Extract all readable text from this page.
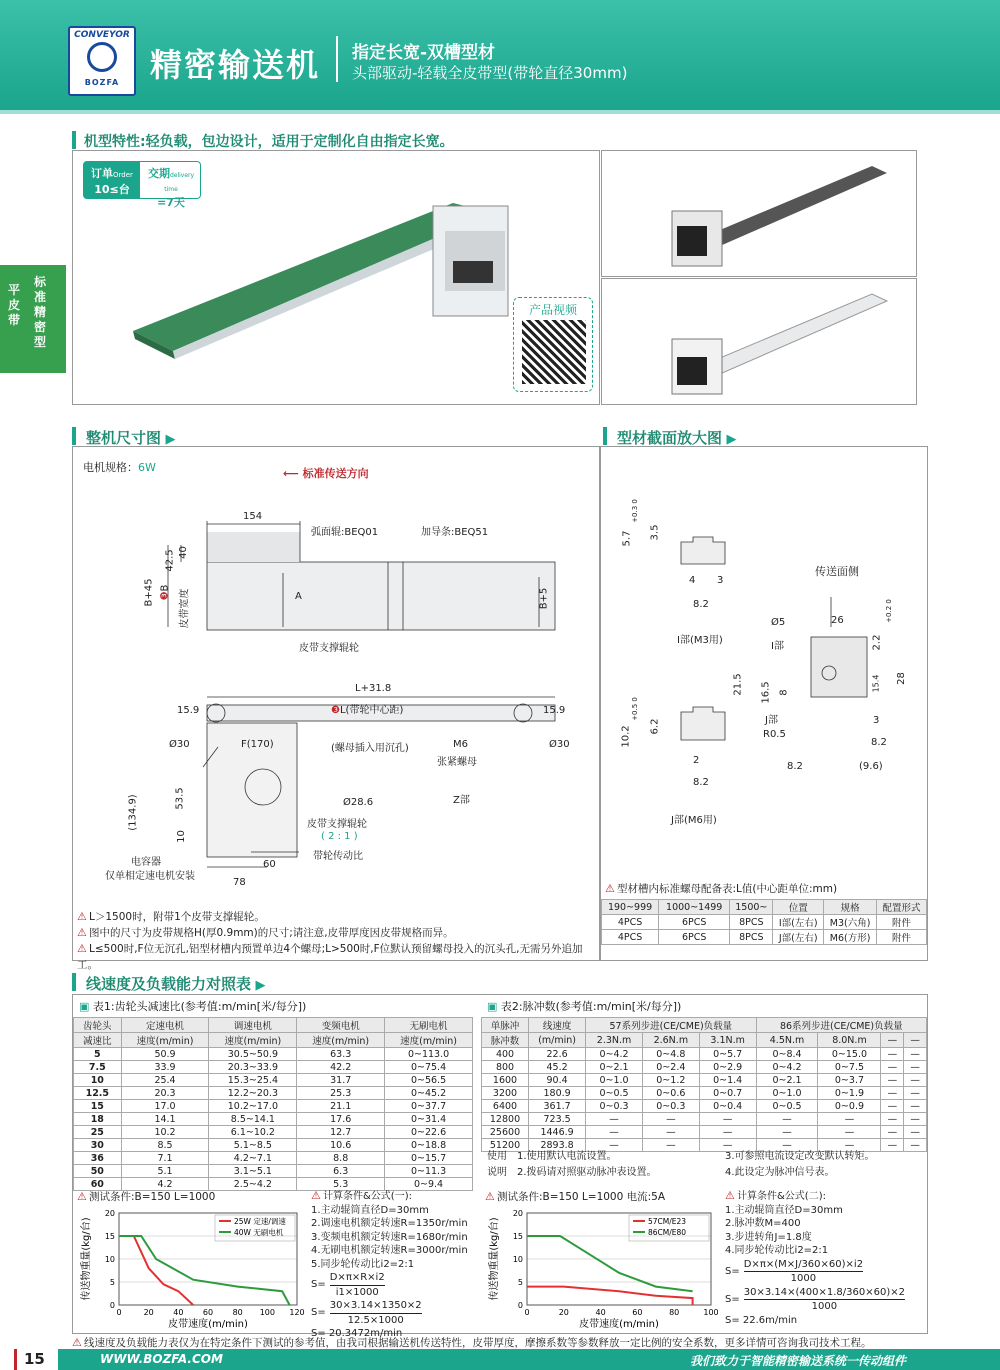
CONVEYOR
BOZFA 精密输送机 指定长宽-双槽型材
头部驱动-轻载全皮带型(带轮直径30mm)
平皮带
标准精密型
机型特性:轻负载，包边设计，适用于定制化自由指定长宽。
订单Order
10≤台
交期delivery time
=7天
产品视频
整机尺寸图 ▶
电机规格：6W	⟵ 标准传送方向
154
弧面辊:BEQ01	加导条:BEQ51
B+45
42.5 40
❸B
皮带宽度	A	B+5
皮带支撑辊轮
L+31.8
❸L(带轮中心距)
15.9	15.9
Ø30	F(170)	(螺母插入用沉孔)	M6
张紧螺母
Ø30
(134.9)	53.5
10
Ø28.6	Z部
皮带支撑辊轮
( 2 : 1 )
带轮传动比
电容器
仅单相定速电机安装
60
78
⚠ L＞1500时，附带1个皮带支撑辊轮。
⚠ 图中的尺寸为皮带规格H(厚0.9mm)的尺寸;请注意,皮带厚度因皮带规格而异。
⚠ L≤500时,F位无沉孔,铝型材槽内预置单边4个螺母;L>500时,F位默认预留螺母投入的沉头孔,无需另外追加工。
型材截面放大图 ▶
5.7
+0.3 0
3.5
4 3
8.2
I部(M3用)
传送面侧
Ø5	26
2.2
+0.2 0
I部
21.5 16.5 8
15.4 28
J部
R0.5
3
8.2
8.2	(9.6)
10.2
+0.5 0
6.2
2
8.2
J部(M6用)
⚠ 型材槽内标准螺母配备表:L值(中心距单位:mm)
190~999	1000~1499	1500~	位置	规格	配置形式
4PCS	6PCS	8PCS	I部(左右)	M3(六角)	附件
4PCS	6PCS	8PCS	J部(左右)	M6(方形)	附件
线速度及负载能力对照表 ▶
▣ 表1:齿轮头减速比(参考值:m/min[米/每分])
齿轮头	定速电机	调速电机	变频电机	无刷电机
减速比	速度(m/min)	速度(m/min)	速度(m/min)	速度(m/min)
5	50.9	30.5~50.9	63.3	0~113.0
7.5	33.9	20.3~33.9	42.2	0~75.4
10	25.4	15.3~25.4	31.7	0~56.5
12.5	20.3	12.2~20.3	25.3	0~45.2
15	17.0	10.2~17.0	21.1	0~37.7
18	14.1	8.5~14.1	17.6	0~31.4
25	10.2	6.1~10.2	12.7	0~22.6
30	8.5	5.1~8.5	10.6	0~18.8
36	7.1	4.2~7.1	8.8	0~15.7
50	5.1	3.1~5.1	6.3	0~11.3
60	4.2	2.5~4.2	5.3	0~9.4
▣ 表2:脉冲数(参考值:m/min[米/每分])
单脉冲	线速度	57系列步进(CE/CME)负载量			86系列步进(CE/CME)负载量			
脉冲数	(m/min)	2.3N.m	2.6N.m	3.1N.m	4.5N.m	8.0N.m	—	—
400	22.6	0~4.2	0~4.8	0~5.7	0~8.4	0~15.0	—	—
800	45.2	0~2.1	0~2.4	0~2.9	0~4.2	0~7.5	—	—
1600	90.4	0~1.0	0~1.2	0~1.4	0~2.1	0~3.7	—	—
3200	180.9	0~0.5	0~0.6	0~0.7	0~1.0	0~1.9	—	—
6400	361.7	0~0.3	0~0.3	0~0.4	0~0.5	0~0.9	—	—
12800	723.5	—	—	—	—	—	—	—
25600	1446.9	—	—	—	—	—	—	—
51200	2893.8	—	—	—	—	—	—	—
使用	1.使用默认电流设置。	3.可参照电流设定改变默认转矩。
说明	2.拨码请对照驱动脉冲表设置。	4.此设定为脉冲信号表。
⚠ 测试条件:B=150 L=1000
0
5
10
15
20
0	20 40 60 80 100 120
皮带速度(m/min)
传送物重量(kg/台)	25W 定速/调速
40W 无刷电机
⚠ 计算条件&公式(一):
1.主动辊筒直径D=30mm
2.调速电机额定转速R=1350r/min
3.变频电机额定转速R=1680r/min
4.无刷电机额定转速R=3000r/min
5.同步轮传动比i2=2:1
$S= \frac{D\times\pi\times R\times i2}{i1\times 1000}$
$S= \frac{30\times 3.14\times 1350\times 2}{12.5\times 1000}$
S= 20.3472m/min
⚠ 测试条件:B=150 L=1000 电流:5A
0
5
10
15
20
0	20	40	60	80	100
皮带速度(m/min)
传送物重量(kg/台)	57CM/E23
86CM/E80
⚠ 计算条件&公式(二):
1.主动辊筒直径D=30mm
2.脉冲数M=400
3.步进转角J=1.8度
4.同步轮传动比i2=2:1
$S= \frac{D\times\pi\times(M\times J/360\times 60)\times i2}{1000}$
$S= \frac{30\times 3.14\times(400\times 1.8/360\times 60)\times 2}{1000}$
S= 22.6m/min
⚠ 线速度及负载能力表仅为在特定条件下测试的参考值，由我司根据输送机传送特性，皮带厚度，摩擦系数等参数释放一定比例的安全系数，更多详情可咨询我司技术工程。
15	WWW.BOZFA.COM	我们致力于智能精密输送系统一传动组件
